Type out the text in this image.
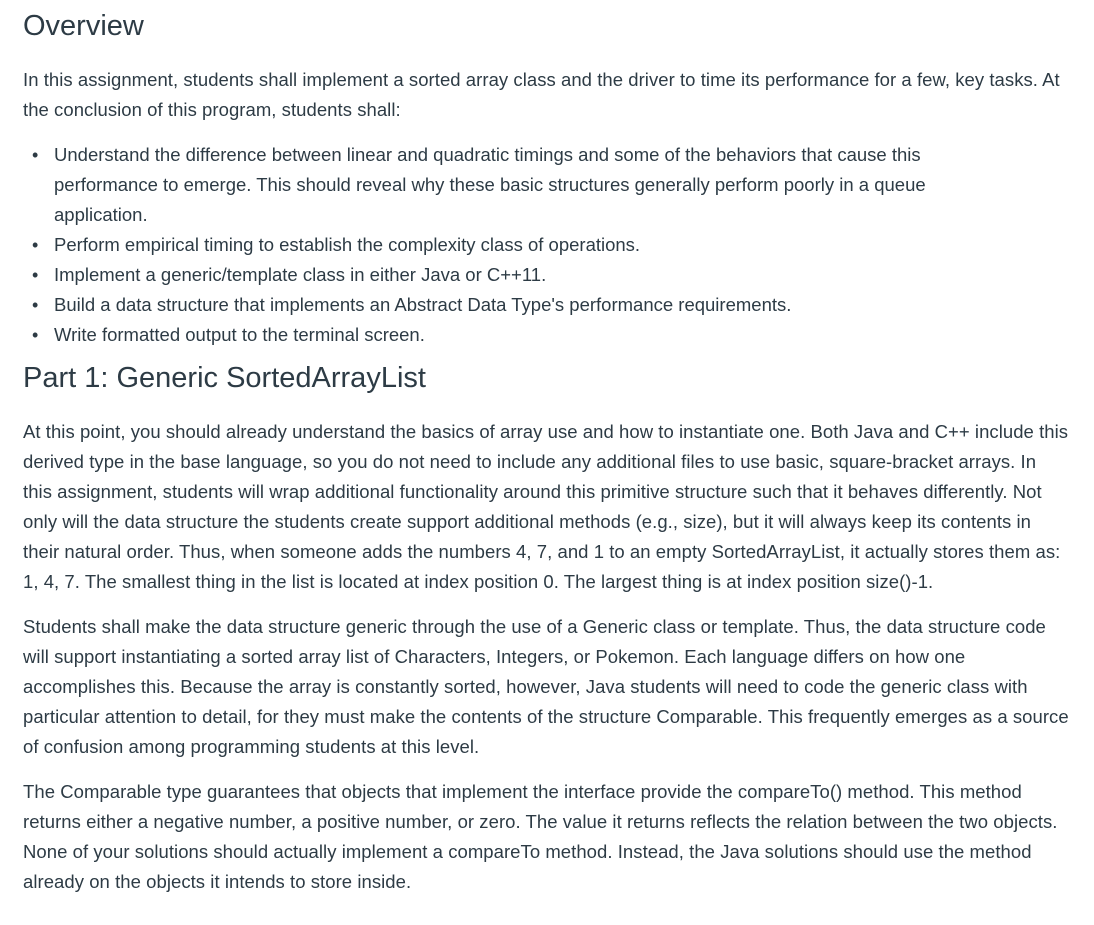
Overview

In this assignment, students shall implement a sorted array class and the driver to time its performance for a few, key tasks. At the conclusion of this program, students shall:

• Understand the difference between linear and quadratic timings and some of the behaviors that cause this performance to emerge. This should reveal why these basic structures generally perform poorly in a queue application.
• Perform empirical timing to establish the complexity class of operations.
• Implement a generic/template class in either Java or C++11.
• Build a data structure that implements an Abstract Data Type's performance requirements.
• Write formatted output to the terminal screen.
Part 1: Generic SortedArrayList

At this point, you should already understand the basics of array use and how to instantiate one. Both Java and C++ include this derived type in the base language, so you do not need to include any additional files to use basic, square-bracket arrays. In this assignment, students will wrap additional functionality around this primitive structure such that it behaves differently. Not only will the data structure the students create support additional methods (e.g., size), but it will always keep its contents in their natural order. Thus, when someone adds the numbers 4, 7, and 1 to an empty SortedArrayList, it actually stores them as: 1, 4, 7. The smallest thing in the list is located at index position 0. The largest thing is at index position size()-1.

Students shall make the data structure generic through the use of a Generic class or template. Thus, the data structure code will support instantiating a sorted array list of Characters, Integers, or Pokemon. Each language differs on how one accomplishes this. Because the array is constantly sorted, however, Java students will need to code the generic class with particular attention to detail, for they must make the contents of the structure Comparable. This frequently emerges as a source of confusion among programming students at this level.

The Comparable type guarantees that objects that implement the interface provide the compareTo() method. This method returns either a negative number, a positive number, or zero. The value it returns reflects the relation between the two objects. None of your solutions should actually implement a compareTo method. Instead, the Java solutions should use the method already on the objects it intends to store inside.
